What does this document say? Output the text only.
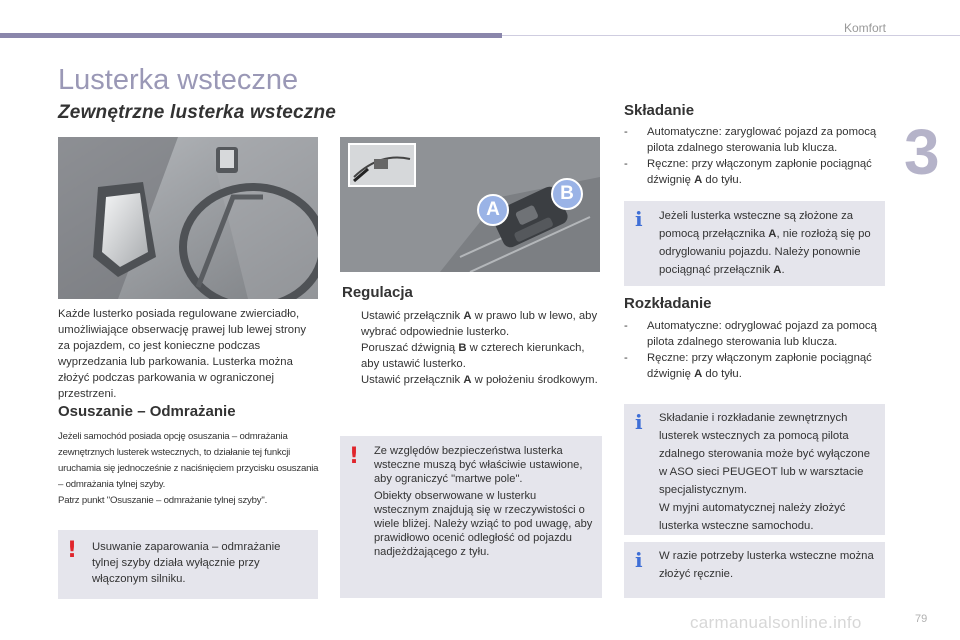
Komfort
3
Lusterka wsteczne
Zewnętrzne lusterka wsteczne
A
B
Każde lusterko posiada regulowane zwierciadło, umożliwiające obserwację prawej lub lewej strony za pojazdem, co jest konieczne podczas wyprzedzania lub parkowania. Lusterka można złożyć podczas parkowania w ograniczonej przestrzeni.
Osuszanie – Odmrażanie
Jeżeli samochód posiada opcję osuszania – odmrażania zewnętrznych lusterek wstecznych, to działanie tej funkcji uruchamia się jednocześnie z naciśnięciem przycisku osuszania – odmrażania tylnej szyby.
Patrz punkt "Osuszanie – odmrażanie tylnej szyby".
! Usuwanie zaparowania – odmrażanie tylnej szyby działa wyłącznie przy włączonym silniku.
Regulacja
Ustawić przełącznik A w prawo lub w lewo, aby wybrać odpowiednie lusterko.
Poruszać dźwignią B w czterech kierunkach, aby ustawić lusterko.
Ustawić przełącznik A w położeniu środkowym.
! Ze względów bezpieczeństwa lusterka wsteczne muszą być właściwie ustawione, aby ograniczyć "martwe pole".
Obiekty obserwowane w lusterku wstecznym znajdują się w rzeczywistości o wiele bliżej. Należy wziąć to pod uwagę, aby prawidłowo ocenić odległość od pojazdu nadjeżdżającego z tyłu.
Składanie
- Automatyczne: zaryglować pojazd za pomocą pilota zdalnego sterowania lub klucza.
- Ręczne: przy włączonym zapłonie pociągnąć dźwignię A do tyłu.
i Jeżeli lusterka wsteczne są złożone za pomocą przełącznika A, nie rozłożą się po odryglowaniu pojazdu. Należy ponownie pociągnąć przełącznik A.
Rozkładanie
- Automatyczne: odryglować pojazd za pomocą pilota zdalnego sterowania lub klucza.
- Ręczne: przy włączonym zapłonie pociągnąć dźwignię A do tyłu.
i Składanie i rozkładanie zewnętrznych lusterek wstecznych za pomocą pilota zdalnego sterowania może być wyłączone w ASO sieci PEUGEOT lub w warsztacie specjalistycznym.
W myjni automatycznej należy złożyć lusterka wsteczne samochodu.
i W razie potrzeby lusterka wsteczne można złożyć ręcznie.
carmanualsonline.info	79
